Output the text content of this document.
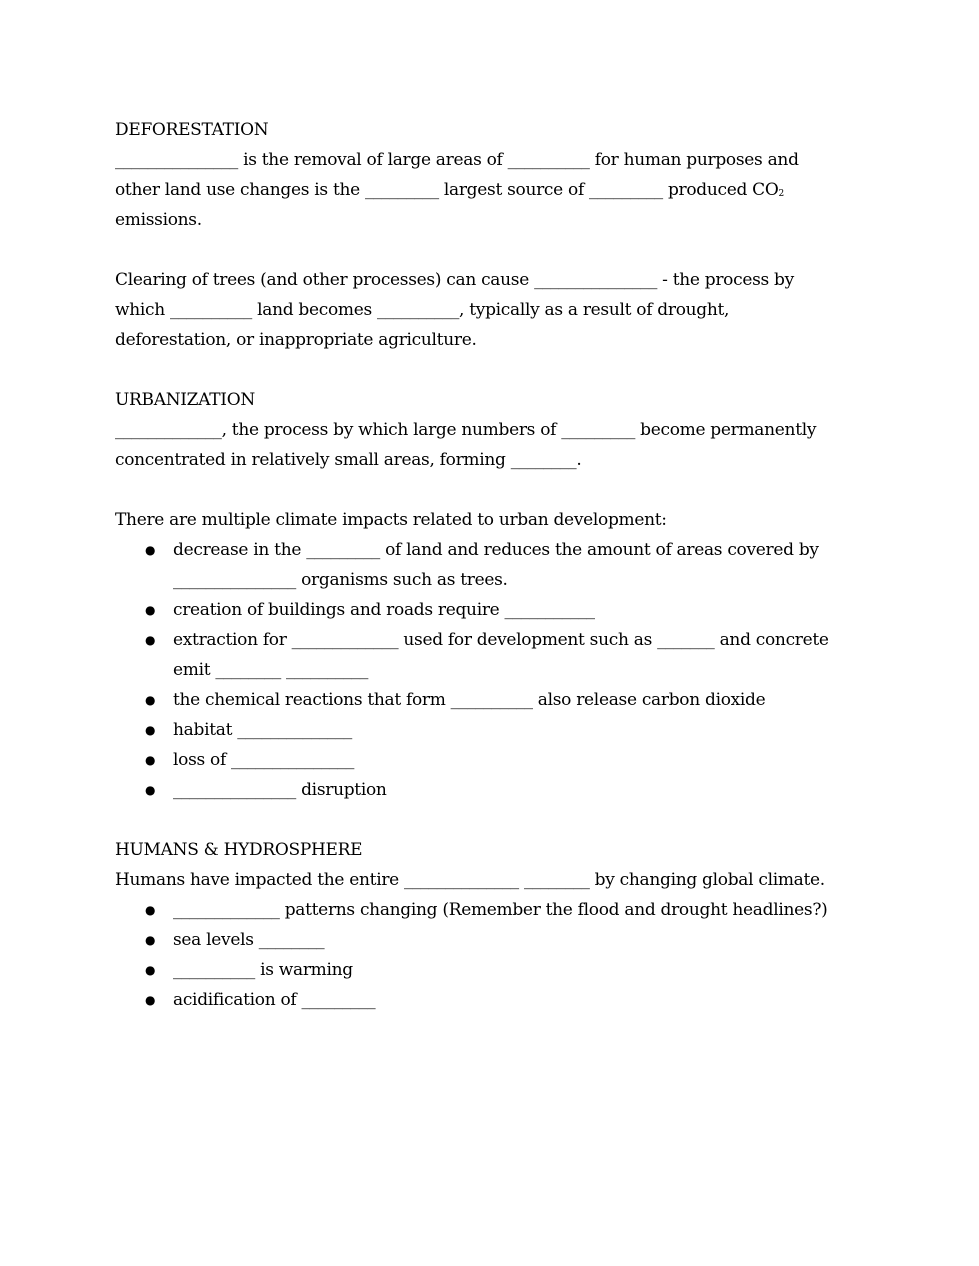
DEFORESTATION
_______________ is the removal of large areas of __________ for human purposes and
other land use changes is the _________ largest source of _________ produced $CO_2$
emissions.
Clearing of trees (and other processes) can cause _______________ - the process by
which __________ land becomes __________, typically as a result of drought,
deforestation, or inappropriate agriculture.
URBANIZATION
_____________, the process by which large numbers of _________ become permanently
concentrated in relatively small areas, forming ________.
There are multiple climate impacts related to urban development:
● decrease in the _________ of land and reduces the amount of areas covered by
_______________ organisms such as trees.
● creation of buildings and roads require ___________
● extraction for _____________ used for development such as _______ and concrete
emit ________ __________
● the chemical reactions that form __________ also release carbon dioxide
● habitat ______________
● loss of _______________
● _______________ disruption
HUMANS & HYDROSPHERE
Humans have impacted the entire ______________ ________ by changing global climate.
● _____________ patterns changing (Remember the flood and drought headlines?)
● sea levels ________
● __________ is warming
● acidification of _________
